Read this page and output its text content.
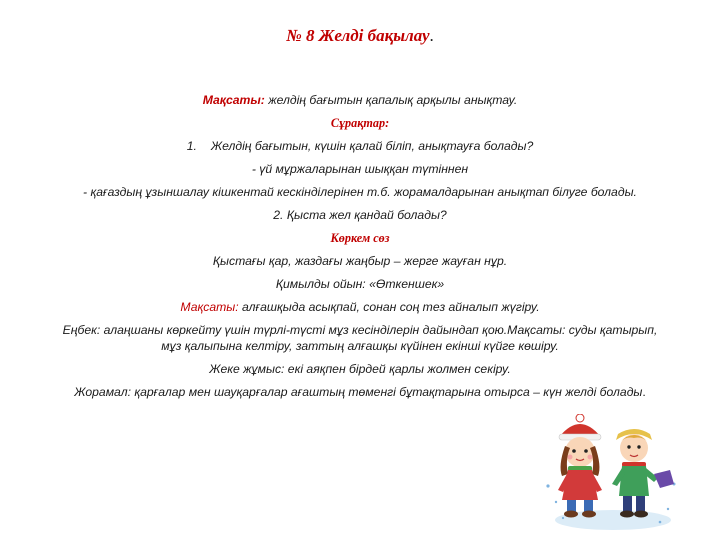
№ 8 Желді бақылау.
Мақсаты: желдің бағытын қапалық арқылы анықтау.
Сұрақтар:
1. Желдің бағытын, күшін қалай біліп, анықтауға болады?
- үй мұржаларынан шыққан түтіннен
- қағаздың ұзыншалау кішкентай кескінділерінен т.б. жорамалдарынан анықтап білуге болады.
2. Қыста жел қандай болады?
Көркем сөз
Қыстағы қар, жаздағы жаңбыр – жерге жауған нұр.
Қимылды ойын: «Өткеншек»
Мақсаты: алғашқыда асықпай, сонан соң тез айналып жүгіру.
Еңбек: алаңшаны көркейту үшін түрлі-түсті мұз кесінділерін дайындап қою.Мақсаты: суды қатырып, мұз қалыпына келтіру, заттың алғашқы күйінен екінші күйге көшіру.
Жеке жұмыс: екі аяқпен бірдей қарлы жолмен секіру.
Жорамал: қарғалар мен шауқарғалар ағаштың төменгі бұтақтарына отырса – күн желді болады.
